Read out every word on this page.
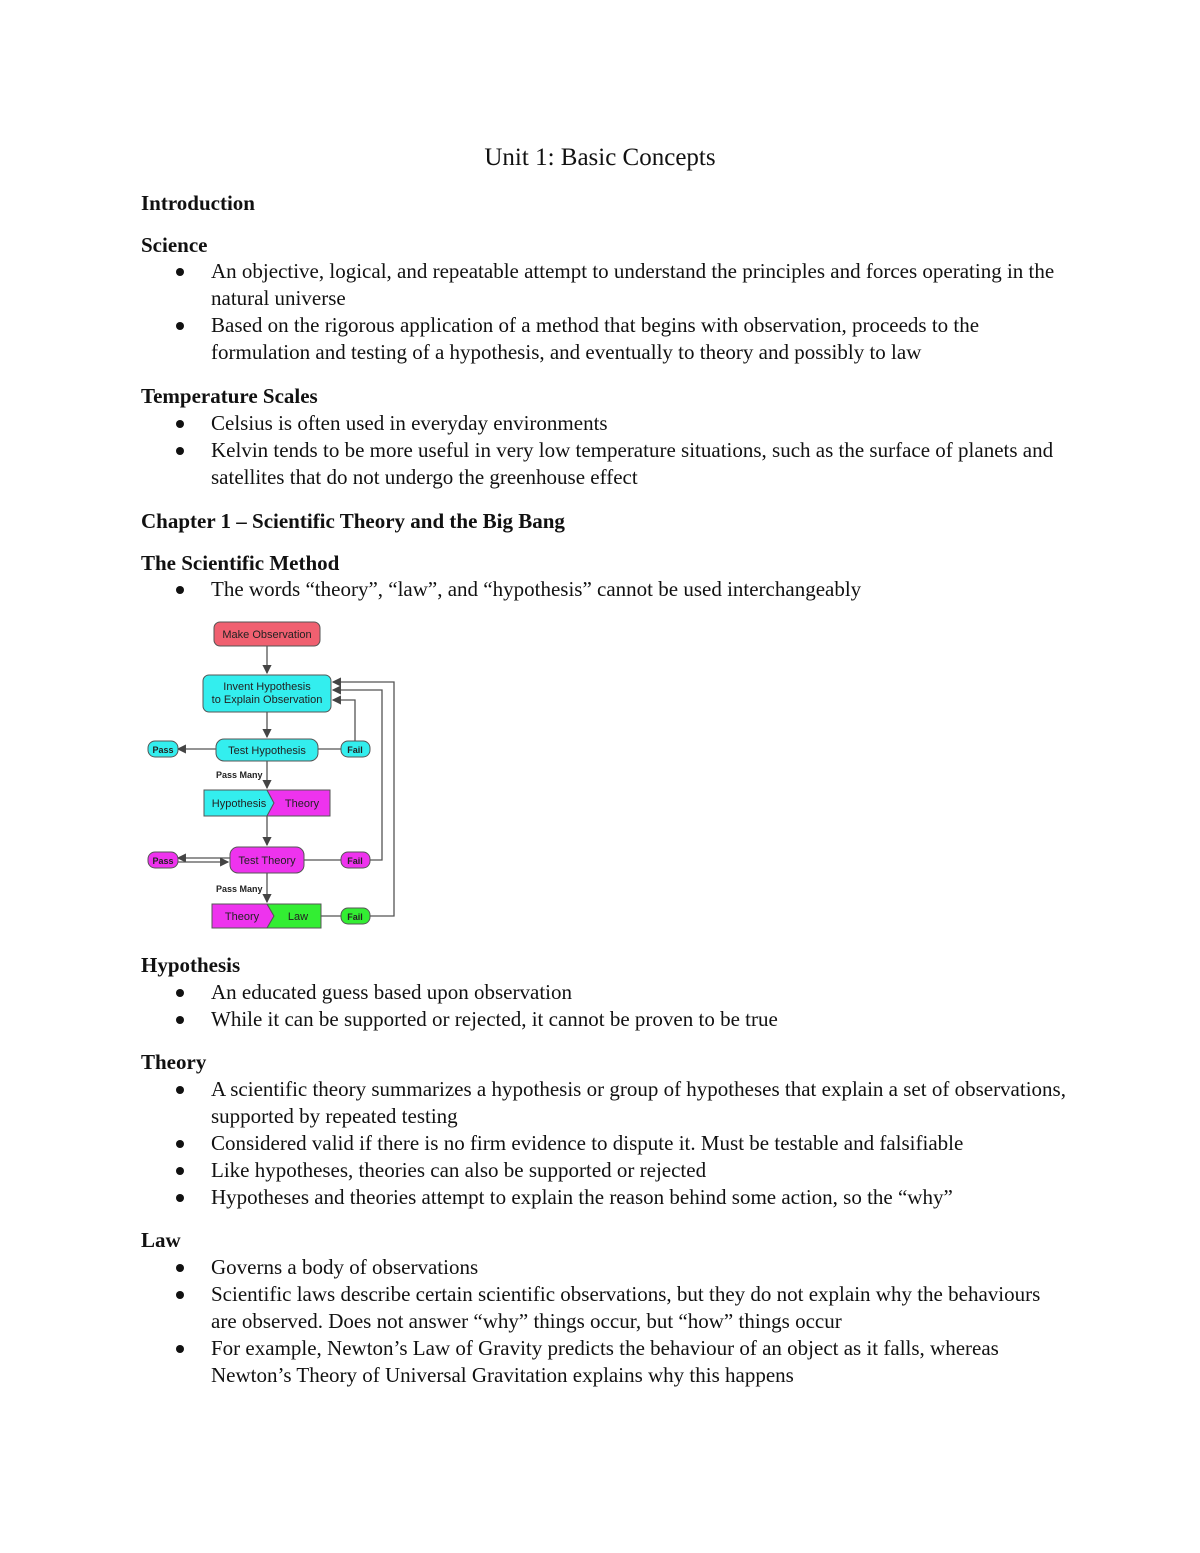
Unit 1: Basic Concepts
Introduction
Science
An objective, logical, and repeatable attempt to understand the principles and forces operating in the natural universe
Based on the rigorous application of a method that begins with observation, proceeds to the formulation and testing of a hypothesis, and eventually to theory and possibly to law
Temperature Scales
Celsius is often used in everyday environments
Kelvin tends to be more useful in very low temperature situations, such as the surface of planets and satellites that do not undergo the greenhouse effect
Chapter 1 – Scientific Theory and the Big Bang
The Scientific Method
The words “theory”, “law”, and “hypothesis” cannot be used interchangeably
Make Observation
Invent Hypothesis
to Explain Observation
Test Hypothesis
Pass	Fail
Pass Many
Hypothesis Theory
Test Theory
Pass	Fail
Pass Many
Theory	Law	Fail
Hypothesis
An educated guess based upon observation
While it can be supported or rejected, it cannot be proven to be true
Theory
A scientific theory summarizes a hypothesis or group of hypotheses that explain a set of observations, supported by repeated testing
Considered valid if there is no firm evidence to dispute it. Must be testable and falsifiable
Like hypotheses, theories can also be supported or rejected
Hypotheses and theories attempt to explain the reason behind some action, so the “why”
Law
Governs a body of observations
Scientific laws describe certain scientific observations, but they do not explain why the behaviours are observed. Does not answer “why” things occur, but “how” things occur
For example, Newton’s Law of Gravity predicts the behaviour of an object as it falls, whereas Newton’s Theory of Universal Gravitation explains why this happens
